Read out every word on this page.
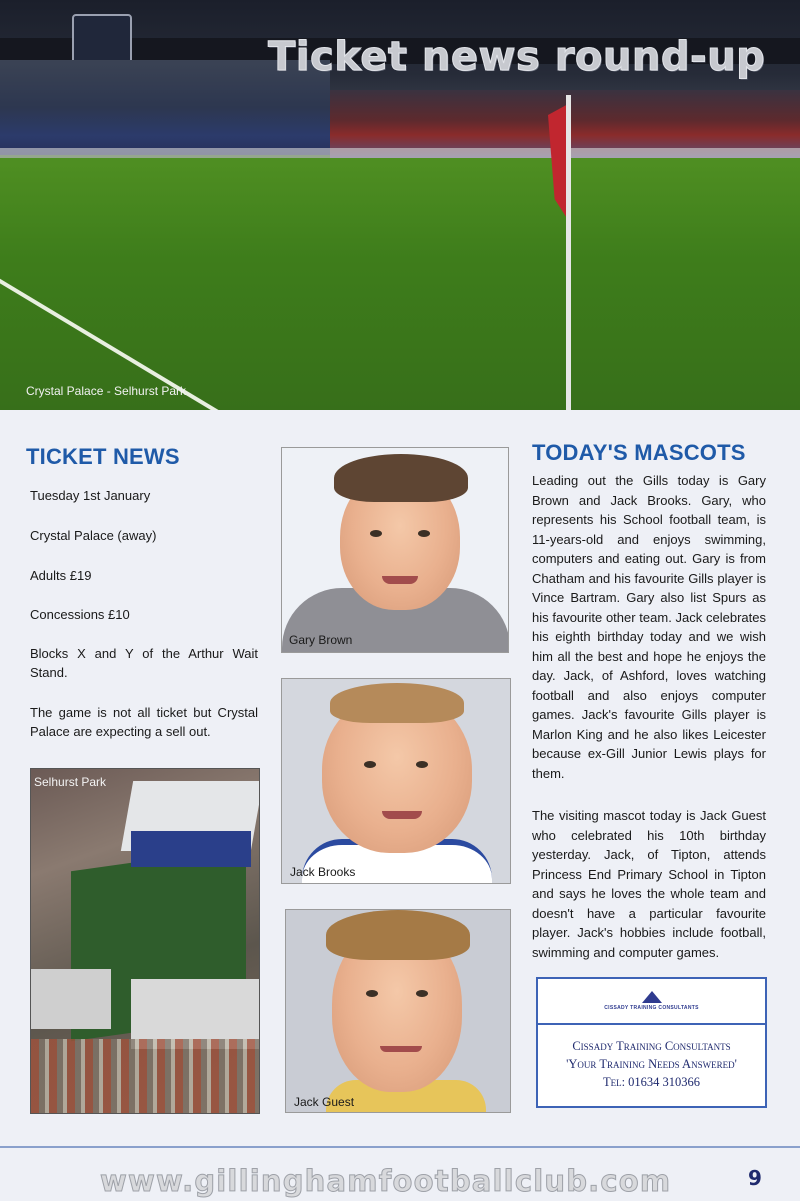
Ticket news round-up
Crystal Palace - Selhurst Park
TICKET NEWS
Tuesday 1st January
Crystal Palace (away)
Adults £19
Concessions £10
Blocks X and Y of the Arthur Wait Stand.
The game is not all ticket but Crystal Palace are expecting a sell out.
Selhurst Park
Gary Brown
Jack Brooks
Jack Guest
TODAY'S MASCOTS

Leading out the Gills today is Gary Brown and Jack Brooks. Gary, who represents his School football team, is 11-years-old and enjoys swimming, computers and eating out. Gary is from Chatham and his favourite Gills player is Vince Bartram. Gary also list Spurs as his favourite other team. Jack celebrates his eighth birthday today and we wish him all the best and hope he enjoys the day. Jack, of Ashford, loves watching football and also enjoys computer games. Jack's favourite Gills player is Marlon King and he also likes Leicester because ex-Gill Junior Lewis plays for them.

The visiting mascot today is Jack Guest who celebrated his 10th birthday yesterday. Jack, of Tipton, attends Princess End Primary School in Tipton and says he loves the whole team and doesn't have a particular favourite player. Jack's hobbies include football, swimming and computer games.

CISSADY TRAINING CONSULTANTS
Cissady Training Consultants
'Your Training Needs Answered'
Tel: 01634 310366
www.gillinghamfootballclub.com	9
